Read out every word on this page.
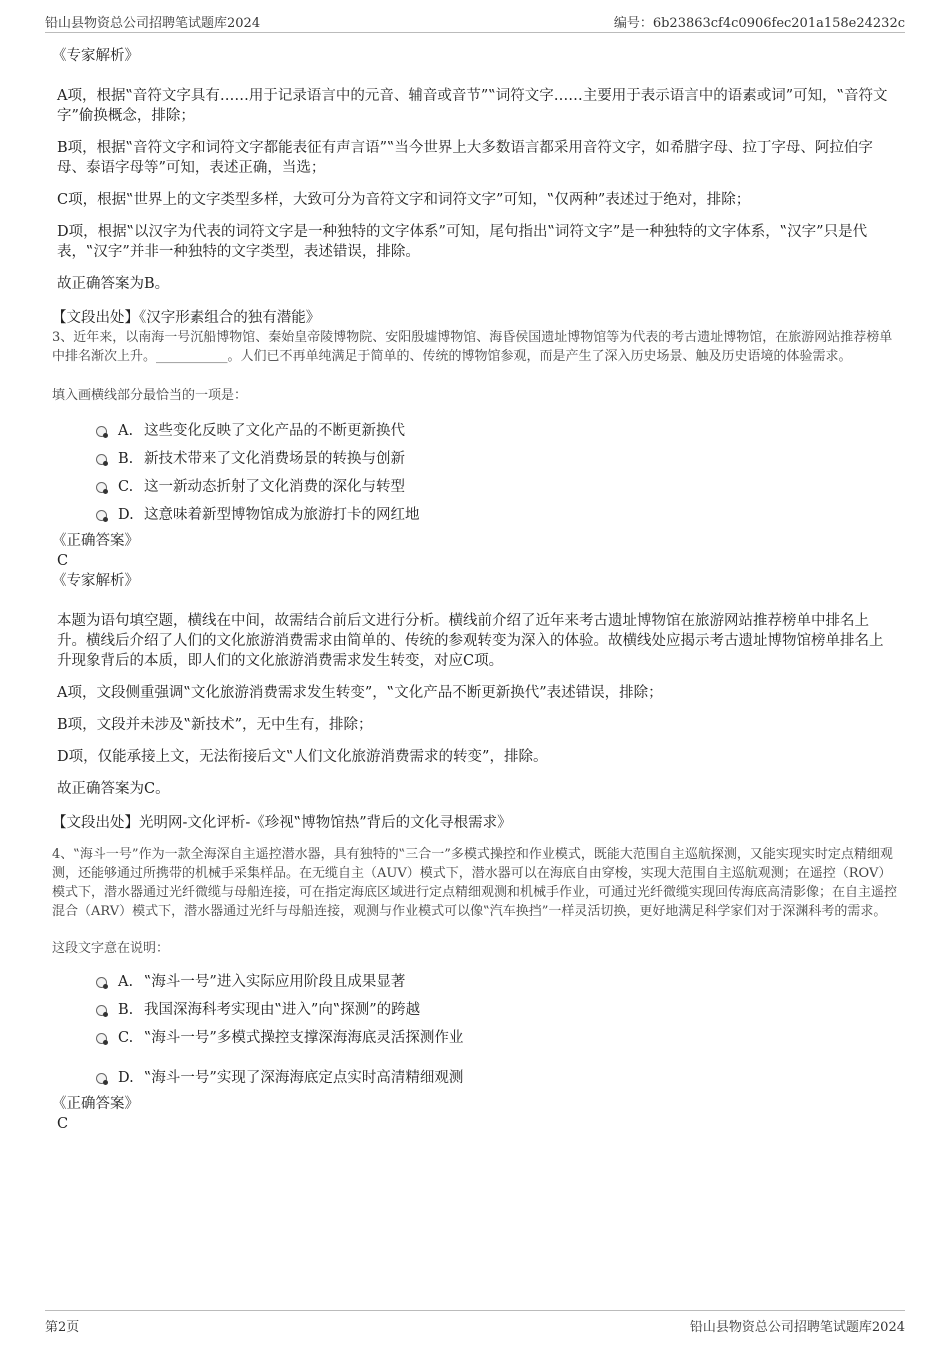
铅山县物资总公司招聘笔试题库2024	编号：6b23863cf4c0906fec201a158e24232c

《专家解析》

A项，根据‟音符文字具有……用于记录语言中的元音、辅音或音节”‟词符文字……主要用于表示语言中的语素或词”可知，‟音符文字”偷换概念，排除；

B项，根据‟音符文字和词符文字都能表征有声言语”‟当今世界上大多数语言都采用音符文字，如希腊字母、拉丁字母、阿拉伯字母、泰语字母等”可知，表述正确，当选；

C项，根据‟世界上的文字类型多样，大致可分为音符文字和词符文字”可知，‟仅两种”表述过于绝对，排除；

D项，根据‟以汉字为代表的词符文字是一种独特的文字体系”可知，尾句指出‟词符文字”是一种独特的文字体系，‟汉字”只是代表，‟汉字”并非一种独特的文字类型，表述错误，排除。

故正确答案为B。

【文段出处】《汉字形素组合的独有潜能》

3、近年来，以南海一号沉船博物馆、秦始皇帝陵博物院、安阳殷墟博物馆、海昏侯国遗址博物馆等为代表的考古遗址博物馆，在旅游网站推荐榜单中排名渐次上升。___________。人们已不再单纯满足于简单的、传统的博物馆参观，而是产生了深入历史场景、触及历史语境的体验需求。

填入画横线部分最恰当的一项是：

A. 这些变化反映了文化产品的不断更新换代

B. 新技术带来了文化消费场景的转换与创新

C. 这一新动态折射了文化消费的深化与转型

D. 这意味着新型博物馆成为旅游打卡的网红地

《正确答案》

C

《专家解析》

本题为语句填空题，横线在中间，故需结合前后文进行分析。横线前介绍了近年来考古遗址博物馆在旅游网站推荐榜单中排名上升。横线后介绍了人们的文化旅游消费需求由简单的、传统的参观转变为深入的体验。故横线处应揭示考古遗址博物馆榜单排名上升现象背后的本质，即人们的文化旅游消费需求发生转变，对应C项。

A项，文段侧重强调‟文化旅游消费需求发生转变”，‟文化产品不断更新换代”表述错误，排除；

B项，文段并未涉及‟新技术”，无中生有，排除；

D项，仅能承接上文，无法衔接后文‟人们文化旅游消费需求的转变”，排除。

故正确答案为C。

【文段出处】光明网-文化评析-《珍视‟博物馆热”背后的文化寻根需求》

4、‟海斗一号”作为一款全海深自主遥控潜水器，具有独特的‟三合一”多模式操控和作业模式，既能大范围自主巡航探测，又能实现实时定点精细观测，还能够通过所携带的机械手采集样品。在无缆自主（AUV）模式下，潜水器可以在海底自由穿梭，实现大范围自主巡航观测；在遥控（ROV）模式下，潜水器通过光纤微缆与母船连接，可在指定海底区域进行定点精细观测和机械手作业，可通过光纤微缆实现回传海底高清影像；在自主遥控混合（ARV）模式下，潜水器通过光纤与母船连接，观测与作业模式可以像‟汽车换挡”一样灵活切换，更好地满足科学家们对于深渊科考的需求。

这段文字意在说明：

A. ‟海斗一号”进入实际应用阶段且成果显著

B. 我国深海科考实现由‟进入”向‟探测”的跨越

C. ‟海斗一号”多模式操控支撑深海海底灵活探测作业

D. ‟海斗一号”实现了深海海底定点实时高清精细观测

《正确答案》

C

第2页	铅山县物资总公司招聘笔试题库2024
